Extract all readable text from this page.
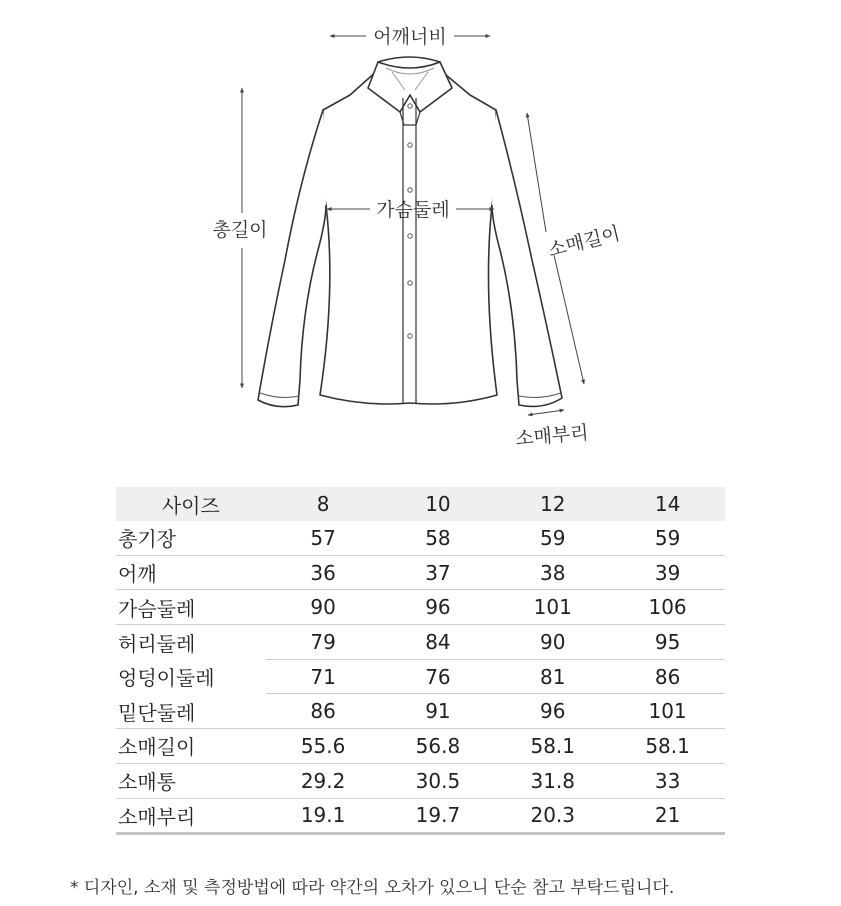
어깨너비
가슴둘레
총길이	소매길이
소매부리
사이즈	8	10	12	14
총기장	57	58	59	59
어깨	36	37	38	39
가슴둘레	90	96	101	106
허리둘레	79	84	90	95
엉덩이둘레	71	76	81	86
밑단둘레	86	91	96	101
소매길이	55.6	56.8	58.1	58.1
소매통	29.2	30.5	31.8	33
소매부리	19.1	19.7	20.3	21
* 디자인, 소재 및 측정방법에 따라 약간의 오차가 있으니 단순 참고 부탁드립니다.
